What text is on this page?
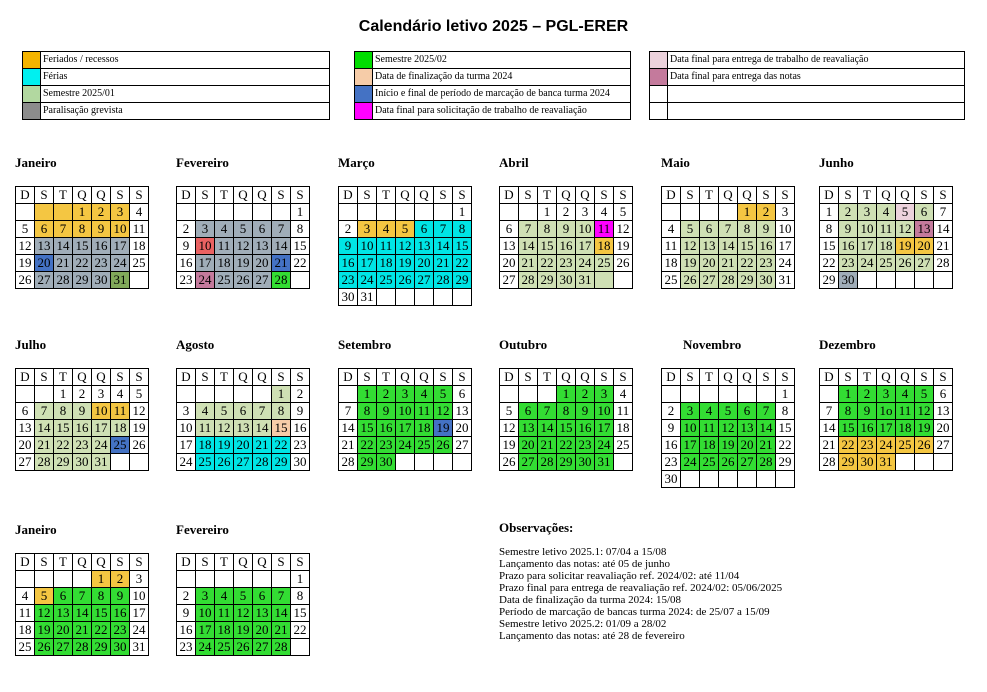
Calendário letivo 2025 – PGL-ERER
	Feriados / recessos
	Férias
	Semestre 2025/01
	Paralisação grevista
	Semestre 2025/02
	Data de finalização da turma 2024
	Início e final de período de marcação de banca turma 2024
	Data final para solicitação de trabalho de reavaliação
	Data final para entrega de trabalho de reavaliação
	Data final para entrega das notas

Janeiro
D	S	T	Q	Q	S	S
			1	2	3	4
5	6	7	8	9	10	11
12	13	14	15	16	17	18
19	20	21	22	23	24	25
26	27	28	29	30	31	
Fevereiro
D	S	T	Q	Q	S	S
						1
2	3	4	5	6	7	8
9	10	11	12	13	14	15
16	17	18	19	20	21	22
23	24	25	26	27	28	
Março
D	S	T	Q	Q	S	S
						1
2	3	4	5	6	7	8
9	10	11	12	13	14	15
16	17	18	19	20	21	22
23	24	25	26	27	28	29
30	31					
Abril
D	S	T	Q	Q	S	S
		1	2	3	4	5
6	7	8	9	10	11	12
13	14	15	16	17	18	19
20	21	22	23	24	25	26
27	28	29	30	31		
Maio
D	S	T	Q	Q	S	S
				1	2	3
4	5	6	7	8	9	10
11	12	13	14	15	16	17
18	19	20	21	22	23	24
25	26	27	28	29	30	31
Junho
D	S	T	Q	Q	S	S
1	2	3	4	5	6	7
8	9	10	11	12	13	14
15	16	17	18	19	20	21
22	23	24	25	26	27	28
29	30					
Julho
D	S	T	Q	Q	S	S
		1	2	3	4	5
6	7	8	9	10	11	12
13	14	15	16	17	18	19
20	21	22	23	24	25	26
27	28	29	30	31		
Agosto
D	S	T	Q	Q	S	S
					1	2
3	4	5	6	7	8	9
10	11	12	13	14	15	16
17	18	19	20	21	22	23
24	25	26	27	28	29	30
Setembro
D	S	T	Q	Q	S	S
	1	2	3	4	5	6
7	8	9	10	11	12	13
14	15	16	17	18	19	20
21	22	23	24	25	26	27
28	29	30				
Outubro
D	S	T	Q	Q	S	S
			1	2	3	4
5	6	7	8	9	10	11
12	13	14	15	16	17	18
19	20	21	22	23	24	25
26	27	28	29	30	31	
Novembro
D	S	T	Q	Q	S	S
						1
2	3	4	5	6	7	8
9	10	11	12	13	14	15
16	17	18	19	20	21	22
23	24	25	26	27	28	29
30						
Dezembro
D	S	T	Q	Q	S	S
	1	2	3	4	5	6
7	8	9	1o	11	12	13
14	15	16	17	18	19	20
21	22	23	24	25	26	27
28	29	30	31			
Janeiro
D	S	T	Q	Q	S	S
				1	2	3
4	5	6	7	8	9	10
11	12	13	14	15	16	17
18	19	20	21	22	23	24
25	26	27	28	29	30	31
Fevereiro
D	S	T	Q	Q	S	S
						1
2	3	4	5	6	7	8
9	10	11	12	13	14	15
16	17	18	19	20	21	22
23	24	25	26	27	28	
Observações:
Semestre letivo 2025.1: 07/04 a 15/08
Lançamento das notas: até 05 de junho
Prazo para solicitar reavaliação ref. 2024/02: até 11/04
Prazo final para entrega de reavaliação ref. 2024/02: 05/06/2025
Data de finalização da turma 2024: 15/08
Período de marcação de bancas turma 2024: de 25/07 a 15/09
Semestre letivo 2025.2: 01/09 a 28/02
Lançamento das notas: até 28 de fevereiro
